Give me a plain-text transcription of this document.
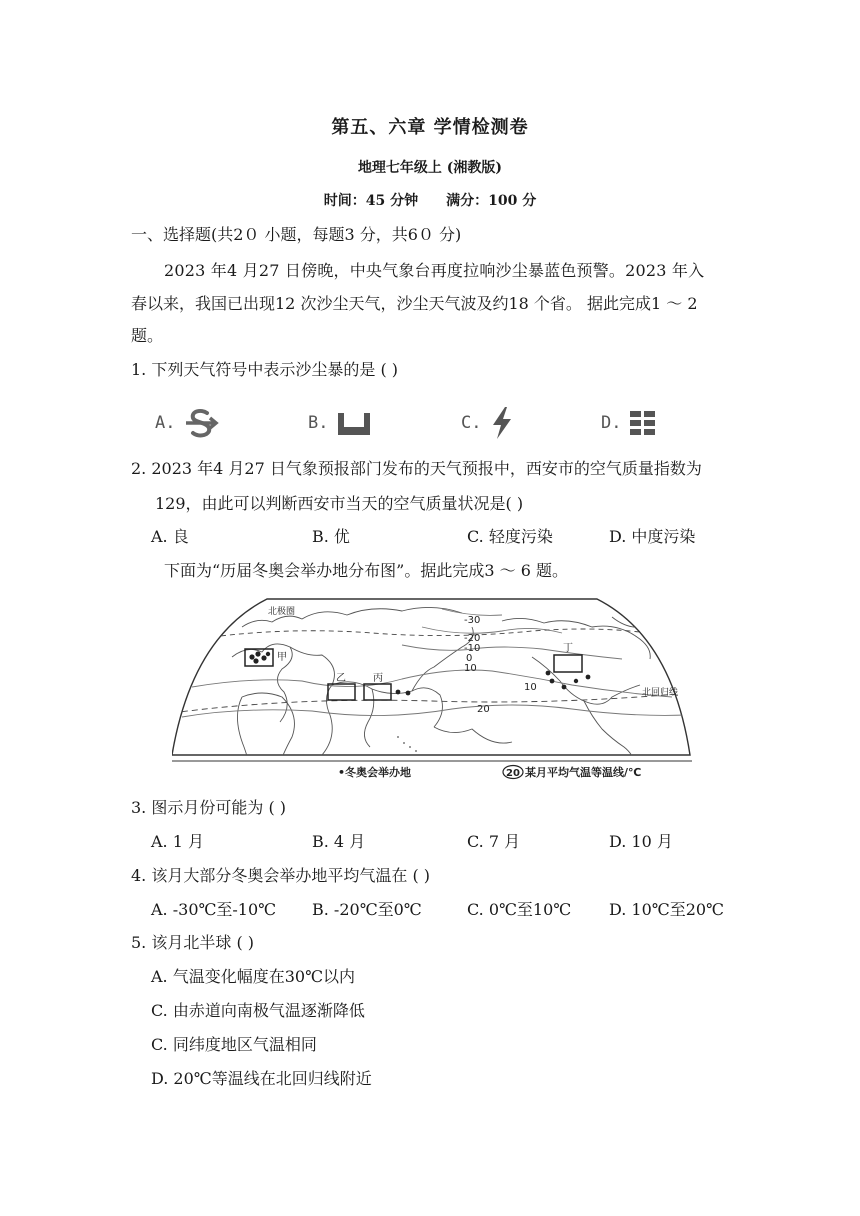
第五、六章 学情检测卷
地理七年级上 (湘教版)
时间：45 分钟　　满分：100 分
一、选择题(共2０ 小题，每题3 分，共6０ 分)
2023 年4 月27 日傍晚，中央气象台再度拉响沙尘暴蓝色预警。2023 年入
春以来，我国已出现12 次沙尘天气，沙尘天气波及约18 个省。 据此完成1 ～ 2
题。
1. 下列天气符号中表示沙尘暴的是 ( )
A.	B.	C.	D.
2. 2023 年4 月27 日气象预报部门发布的天气预报中，西安市的空气质量指数为
129，由此可以判断西安市当天的空气质量状况是( )
A. 良	B. 优	C. 轻度污染	D. 中度污染
下面为“历届冬奥会举办地分布图”。据此完成3 ～ 6 题。
北极圈
甲
乙	丙
丁
北回归线
-30
-20
-10
0
10
20
10
•冬奥会举办地	20 某月平均气温等温线/℃
3. 图示月份可能为 ( )
A. 1 月	B. 4 月	C. 7 月	D. 10 月
4. 该月大部分冬奥会举办地平均气温在 ( )
A. -30℃至-10℃ B. -20℃至0℃	C. 0℃至10℃ D. 10℃至20℃
5. 该月北半球 ( )
A. 气温变化幅度在30℃以内
C. 由赤道向南极气温逐渐降低
C. 同纬度地区气温相同
D. 20℃等温线在北回归线附近
